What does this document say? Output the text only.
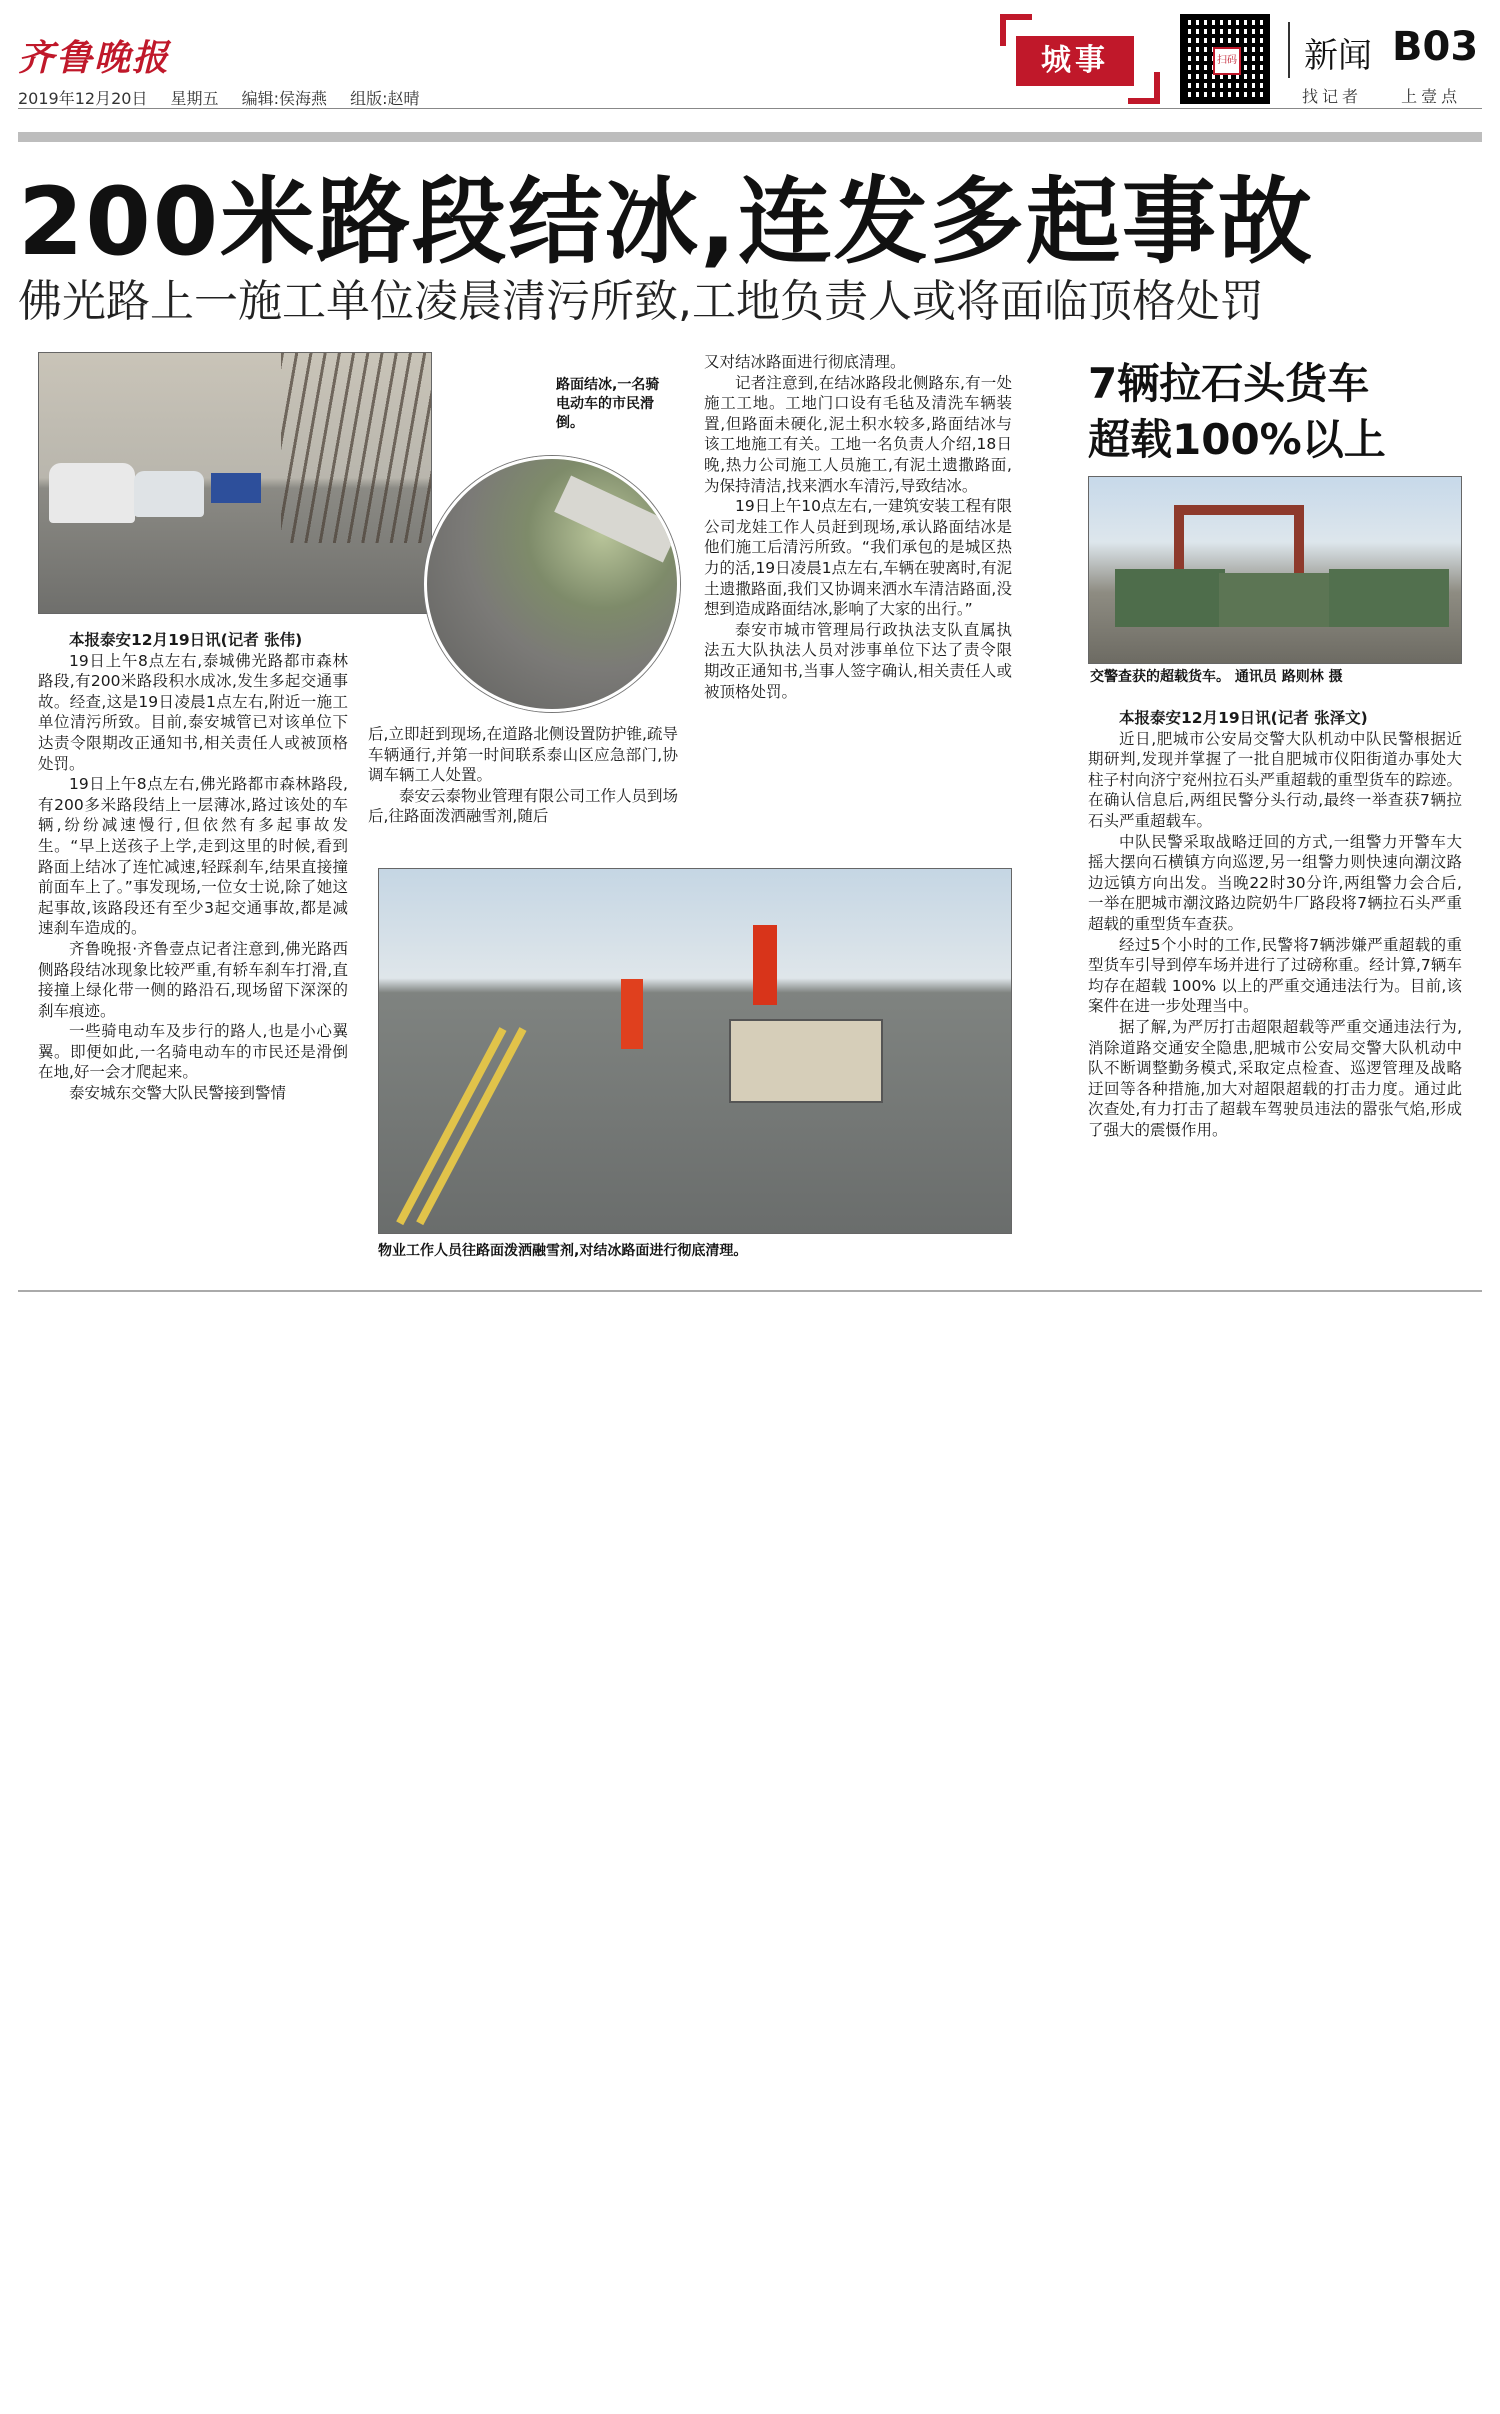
齐鲁晚报
2019年12月20日 星期五 编辑:侯海燕 组版:赵晴
城事	扫码 新闻 B03
找记者 上壹点
200米路段结冰,连发多起事故
佛光路上一施工单位凌晨清污所致,工地负责人或将面临顶格处罚
路面结冰,一名骑电动车的市民滑倒。

本报泰安12月19日讯(记者 张伟)

19日上午8点左右,泰城佛光路都市森林路段,有200米路段积水成冰,发生多起交通事故。经查,这是19日凌晨1点左右,附近一施工单位清污所致。目前,泰安城管已对该单位下达责令限期改正通知书,相关责任人或被顶格处罚。

19日上午8点左右,佛光路都市森林路段,有200多米路段结上一层薄冰,路过该处的车辆,纷纷减速慢行,但依然有多起事故发生。“早上送孩子上学,走到这里的时候,看到路面上结冰了连忙减速,轻踩刹车,结果直接撞前面车上了。”事发现场,一位女士说,除了她这起事故,该路段还有至少3起交通事故,都是减速刹车造成的。

齐鲁晚报·齐鲁壹点记者注意到,佛光路西侧路段结冰现象比较严重,有轿车刹车打滑,直接撞上绿化带一侧的路沿石,现场留下深深的刹车痕迹。

一些骑电动车及步行的路人,也是小心翼翼。即便如此,一名骑电动车的市民还是滑倒在地,好一会才爬起来。

泰安城东交警大队民警接到警情

后,立即赶到现场,在道路北侧设置防护锥,疏导车辆通行,并第一时间联系泰山区应急部门,协调车辆工人处置。

泰安云泰物业管理有限公司工作人员到场后,往路面泼洒融雪剂,随后

又对结冰路面进行彻底清理。

记者注意到,在结冰路段北侧路东,有一处施工工地。工地门口设有毛毡及清洗车辆装置,但路面未硬化,泥土积水较多,路面结冰与该工地施工有关。工地一名负责人介绍,18日晚,热力公司施工人员施工,有泥土遗撒路面,为保持清洁,找来洒水车清污,导致结冰。

19日上午10点左右,一建筑安装工程有限公司龙娃工作人员赶到现场,承认路面结冰是他们施工后清污所致。“我们承包的是城区热力的活,19日凌晨1点左右,车辆在驶离时,有泥土遗撒路面,我们又协调来洒水车清洁路面,没想到造成路面结冰,影响了大家的出行。”

泰安市城市管理局行政执法支队直属执法五大队执法人员对涉事单位下达了责令限期改正通知书,当事人签字确认,相关责任人或被顶格处罚。

物业工作人员往路面泼洒融雪剂,对结冰路面进行彻底清理。
7辆拉石头货车
超载100%以上
交警查获的超载货车。 通讯员 路则林 摄

本报泰安12月19日讯(记者 张泽文)

近日,肥城市公安局交警大队机动中队民警根据近期研判,发现并掌握了一批自肥城市仪阳街道办事处大柱子村向济宁兖州拉石头严重超载的重型货车的踪迹。在确认信息后,两组民警分头行动,最终一举查获7辆拉石头严重超载车。

中队民警采取战略迂回的方式,一组警力开警车大摇大摆向石横镇方向巡逻,另一组警力则快速向潮汶路边远镇方向出发。当晚22时30分许,两组警力会合后,一举在肥城市潮汶路边院奶牛厂路段将7辆拉石头严重超载的重型货车查获。

经过5个小时的工作,民警将7辆涉嫌严重超载的重型货车引导到停车场并进行了过磅称重。经计算,7辆车均存在超载 100% 以上的严重交通违法行为。目前,该案件在进一步处理当中。

据了解,为严厉打击超限超载等严重交通违法行为,消除道路交通安全隐患,肥城市公安局交警大队机动中队不断调整勤务模式,采取定点检查、巡逻管理及战略迂回等各种措施,加大对超限超载的打击力度。通过此次查处,有力打击了超载车驾驶员违法的嚣张气焰,形成了强大的震慑作用。
